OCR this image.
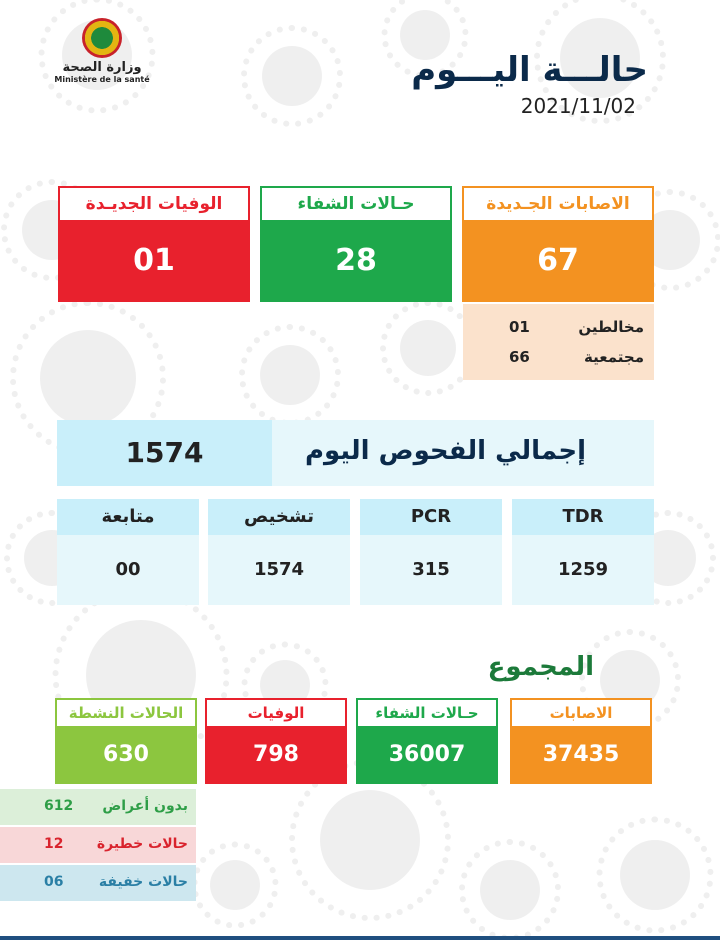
وزارة الصحة
Ministère de la santé	حالـــة اليـــوم
2021/11/02
الاصابات الجـديدة
67
حـالات الشفاء
28
الوفيات الجديـدة
01
مخالطين
01
مجتمعية
66
1574	إجمالي الفحوص اليوم
TDR
1259
PCR
315
تشخيص
1574
متابعة
00
المجموع
الاصابات
37435
حـالات الشفاء
36007
الوفيات
798
الحالات النشطة
630
بدون أعراض
612
حالات خطيرة
12
حالات خفيفة
06
